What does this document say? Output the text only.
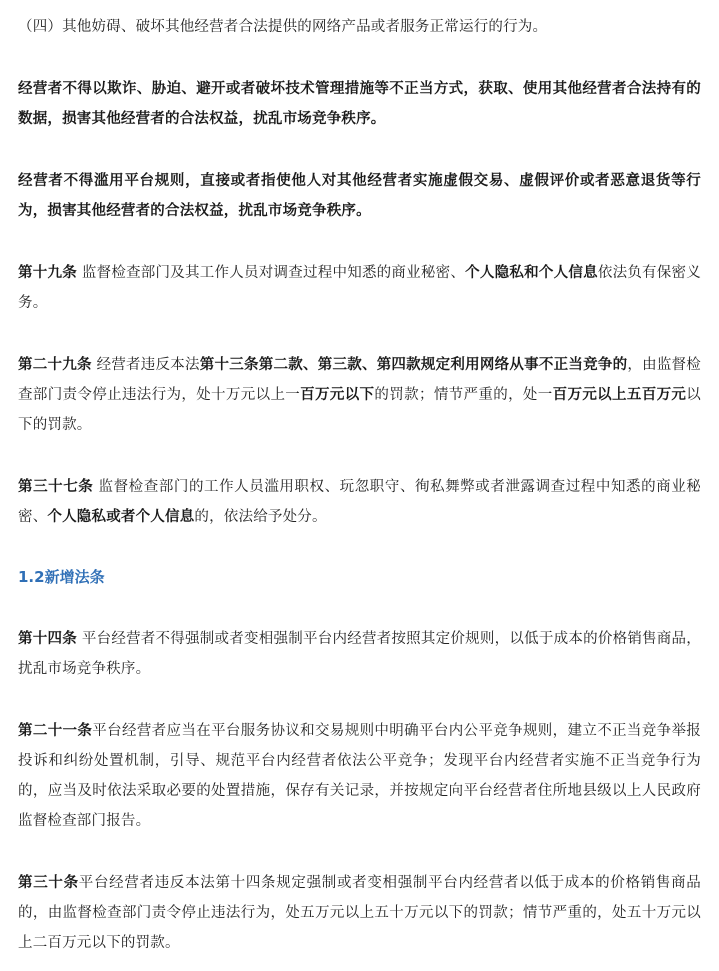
（四）其他妨碍、破坏其他经营者合法提供的网络产品或者服务正常运行的行为。

经营者不得以欺诈、胁迫、避开或者破坏技术管理措施等不正当方式，获取、使用其他经营者合法持有的数据，损害其他经营者的合法权益，扰乱市场竞争秩序。

经营者不得滥用平台规则，直接或者指使他人对其他经营者实施虚假交易、虚假评价或者恶意退货等行为，损害其他经营者的合法权益，扰乱市场竞争秩序。

第十九条 监督检查部门及其工作人员对调查过程中知悉的商业秘密、个人隐私和个人信息依法负有保密义务。

第二十九条 经营者违反本法第十三条第二款、第三款、第四款规定利用网络从事不正当竞争的，由监督检查部门责令停止违法行为，处十万元以上一百万元以下的罚款；情节严重的，处一百万元以上五百万元以下的罚款。

第三十七条 监督检查部门的工作人员滥用职权、玩忽职守、徇私舞弊或者泄露调查过程中知悉的商业秘密、个人隐私或者个人信息的，依法给予处分。

1.2新增法条

第十四条 平台经营者不得强制或者变相强制平台内经营者按照其定价规则，以低于成本的价格销售商品，扰乱市场竞争秩序。

第二十一条平台经营者应当在平台服务协议和交易规则中明确平台内公平竞争规则，建立不正当竞争举报投诉和纠纷处置机制，引导、规范平台内经营者依法公平竞争；发现平台内经营者实施不正当竞争行为的，应当及时依法采取必要的处置措施，保存有关记录，并按规定向平台经营者住所地县级以上人民政府监督检查部门报告。

第三十条平台经营者违反本法第十四条规定强制或者变相强制平台内经营者以低于成本的价格销售商品的，由监督检查部门责令停止违法行为，处五万元以上五十万元以下的罚款；情节严重的，处五十万元以上二百万元以下的罚款。
